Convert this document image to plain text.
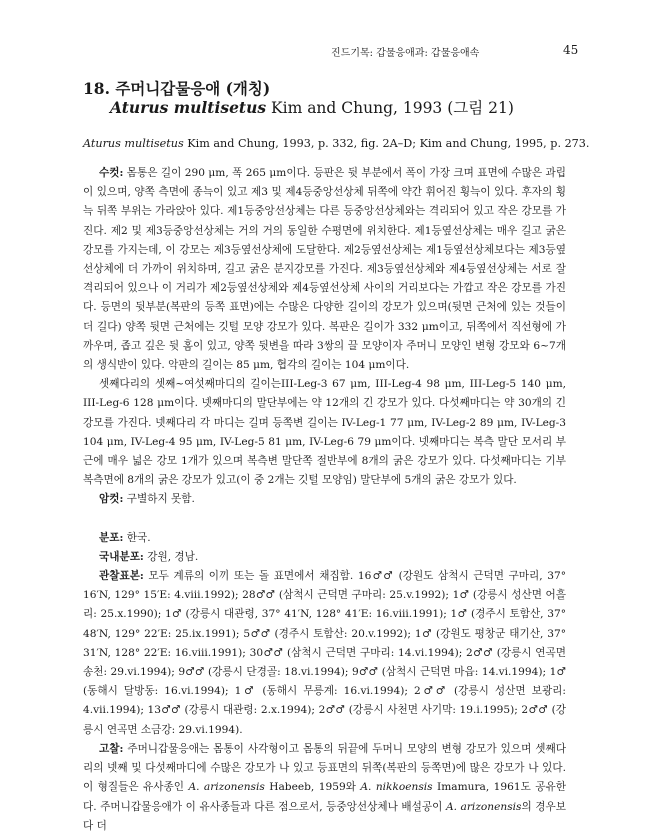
진드기목: 갑물응애과: 갑물응애속	45
18. 주머니갑물응애 (개칭)
Aturus multisetus Kim and Chung, 1993 (그림 21)
Aturus multisetus Kim and Chung, 1993, p. 332, fig. 2A–D; Kim and Chung, 1995, p. 273.

수컷: 몸통은 길이 290 μm, 폭 265 μm이다. 등판은 뒷 부분에서 폭이 가장 크며 표면에 수많은 과립이 있으며, 양쪽 측면에 종늑이 있고 제3 및 제4등중앙선상체 뒤쪽에 약간 휘어진 횡늑이 있다. 후자의 횡늑 뒤쪽 부위는 가라앉아 있다. 제1등중앙선상체는 다른 등중앙선상체와는 격리되어 있고 작은 강모를 가진다. 제2 및 제3등중앙선상체는 거의 거의 동일한 수평면에 위치한다. 제1등옆선상체는 매우 길고 굵은 강모를 가지는데, 이 강모는 제3등옆선상체에 도달한다. 제2등옆선상체는 제1등옆선상체보다는 제3등옆선상체에 더 가까이 위치하며, 길고 굵은 분지강모를 가진다. 제3등옆선상체와 제4등옆선상체는 서로 잘 격리되어 있으나 이 거리가 제2등옆선상체와 제4등옆선상체 사이의 거리보다는 가깝고 작은 강모를 가진다. 등면의 뒷부분(복판의 등쪽 표면)에는 수많은 다양한 길이의 강모가 있으며(뒷면 근처에 있는 것들이 더 길다) 양쪽 뒷면 근처에는 깃털 모양 강모가 있다. 복판은 길이가 332 μm이고, 뒤쪽에서 직선형에 가까우며, 좁고 깊은 뒷 홈이 있고, 양쪽 뒷변을 따라 3쌍의 끌 모양이자 주머니 모양인 변형 강모와 6~7개의 생식반이 있다. 악판의 길이는 85 μm, 협각의 길이는 104 μm이다.

셋째다리의 셋째~여섯째마디의 길이는III-Leg-3 67 μm, III-Leg-4 98 μm, III-Leg-5 140 μm, III-Leg-6 128 μm이다. 넷째마디의 말단부에는 약 12개의 긴 강모가 있다. 다섯째마디는 약 30개의 긴 강모를 가진다. 넷째다리 각 마디는 길며 등쪽변 길이는 IV-Leg-1 77 μm, IV-Leg-2 89 μm, IV-Leg-3 104 μm, IV-Leg-4 95 μm, IV-Leg-5 81 μm, IV-Leg-6 79 μm이다. 넷째마디는 복측 말단 모서리 부근에 매우 넓은 강모 1개가 있으며 복측변 말단쪽 절반부에 8개의 굵은 강모가 있다. 다섯째마디는 기부 복측면에 8개의 굵은 강모가 있고(이 중 2개는 깃털 모양임) 말단부에 5개의 굵은 강모가 있다.

암컷: 구별하지 못함.

분포: 한국.

국내분포: 강원, 경남.

관찰표본: 모두 계류의 이끼 또는 돌 표면에서 채집함. 16♂♂ (강원도 삼척시 근덕면 구마리, 37° 16′N, 129° 15′E: 4.viii.1992); 28♂♂ (삼척시 근덕면 구마리: 25.v.1992); 1♂ (강릉시 성산면 어흘리: 25.x.1990); 1♂ (강릉시 대관령, 37° 41′N, 128° 41′E: 16.viii.1991); 1♂ (경주시 토함산, 37° 48′N, 129° 22′E: 25.ix.1991); 5♂♂ (경주시 토함산: 20.v.1992); 1♂ (강원도 평창군 태기산, 37° 31′N, 128° 22′E: 16.viii.1991); 30♂♂ (삼척시 근덕면 구마리: 14.vi.1994); 2♂♂ (강릉시 연곡면 송천: 29.vi.1994); 9♂♂ (강릉시 단경골: 18.vi.1994); 9♂♂ (삼척시 근덕면 마읍: 14.vi.1994); 1♂ (동해시 달방동: 16.vi.1994); 1♂ (동해시 무릉계: 16.vi.1994); 2♂♂ (강릉시 성산면 보광리: 4.vii.1994); 13♂♂ (강릉시 대관령: 2.x.1994); 2♂♂ (강릉시 사천면 사기막: 19.i.1995); 2♂♂ (강릉시 연곡면 소금강: 29.vi.1994).

고찰: 주머니갑물응애는 몸통이 사각형이고 몸통의 뒤끝에 두머니 모양의 변형 강모가 있으며 셋째다리의 넷째 및 다섯째마디에 수많은 강모가 나 있고 등표면의 뒤쪽(복판의 등쪽면)에 많은 강모가 나 있다. 이 형질들은 유사종인 A. arizonensis Habeeb, 1959와 A. nikkoensis Imamura, 1961도 공유한다. 주머니갑물응애가 이 유사종들과 다른 점으로서, 등중앙선상체나 배설공이 A. arizonensis의 경우보다 더
